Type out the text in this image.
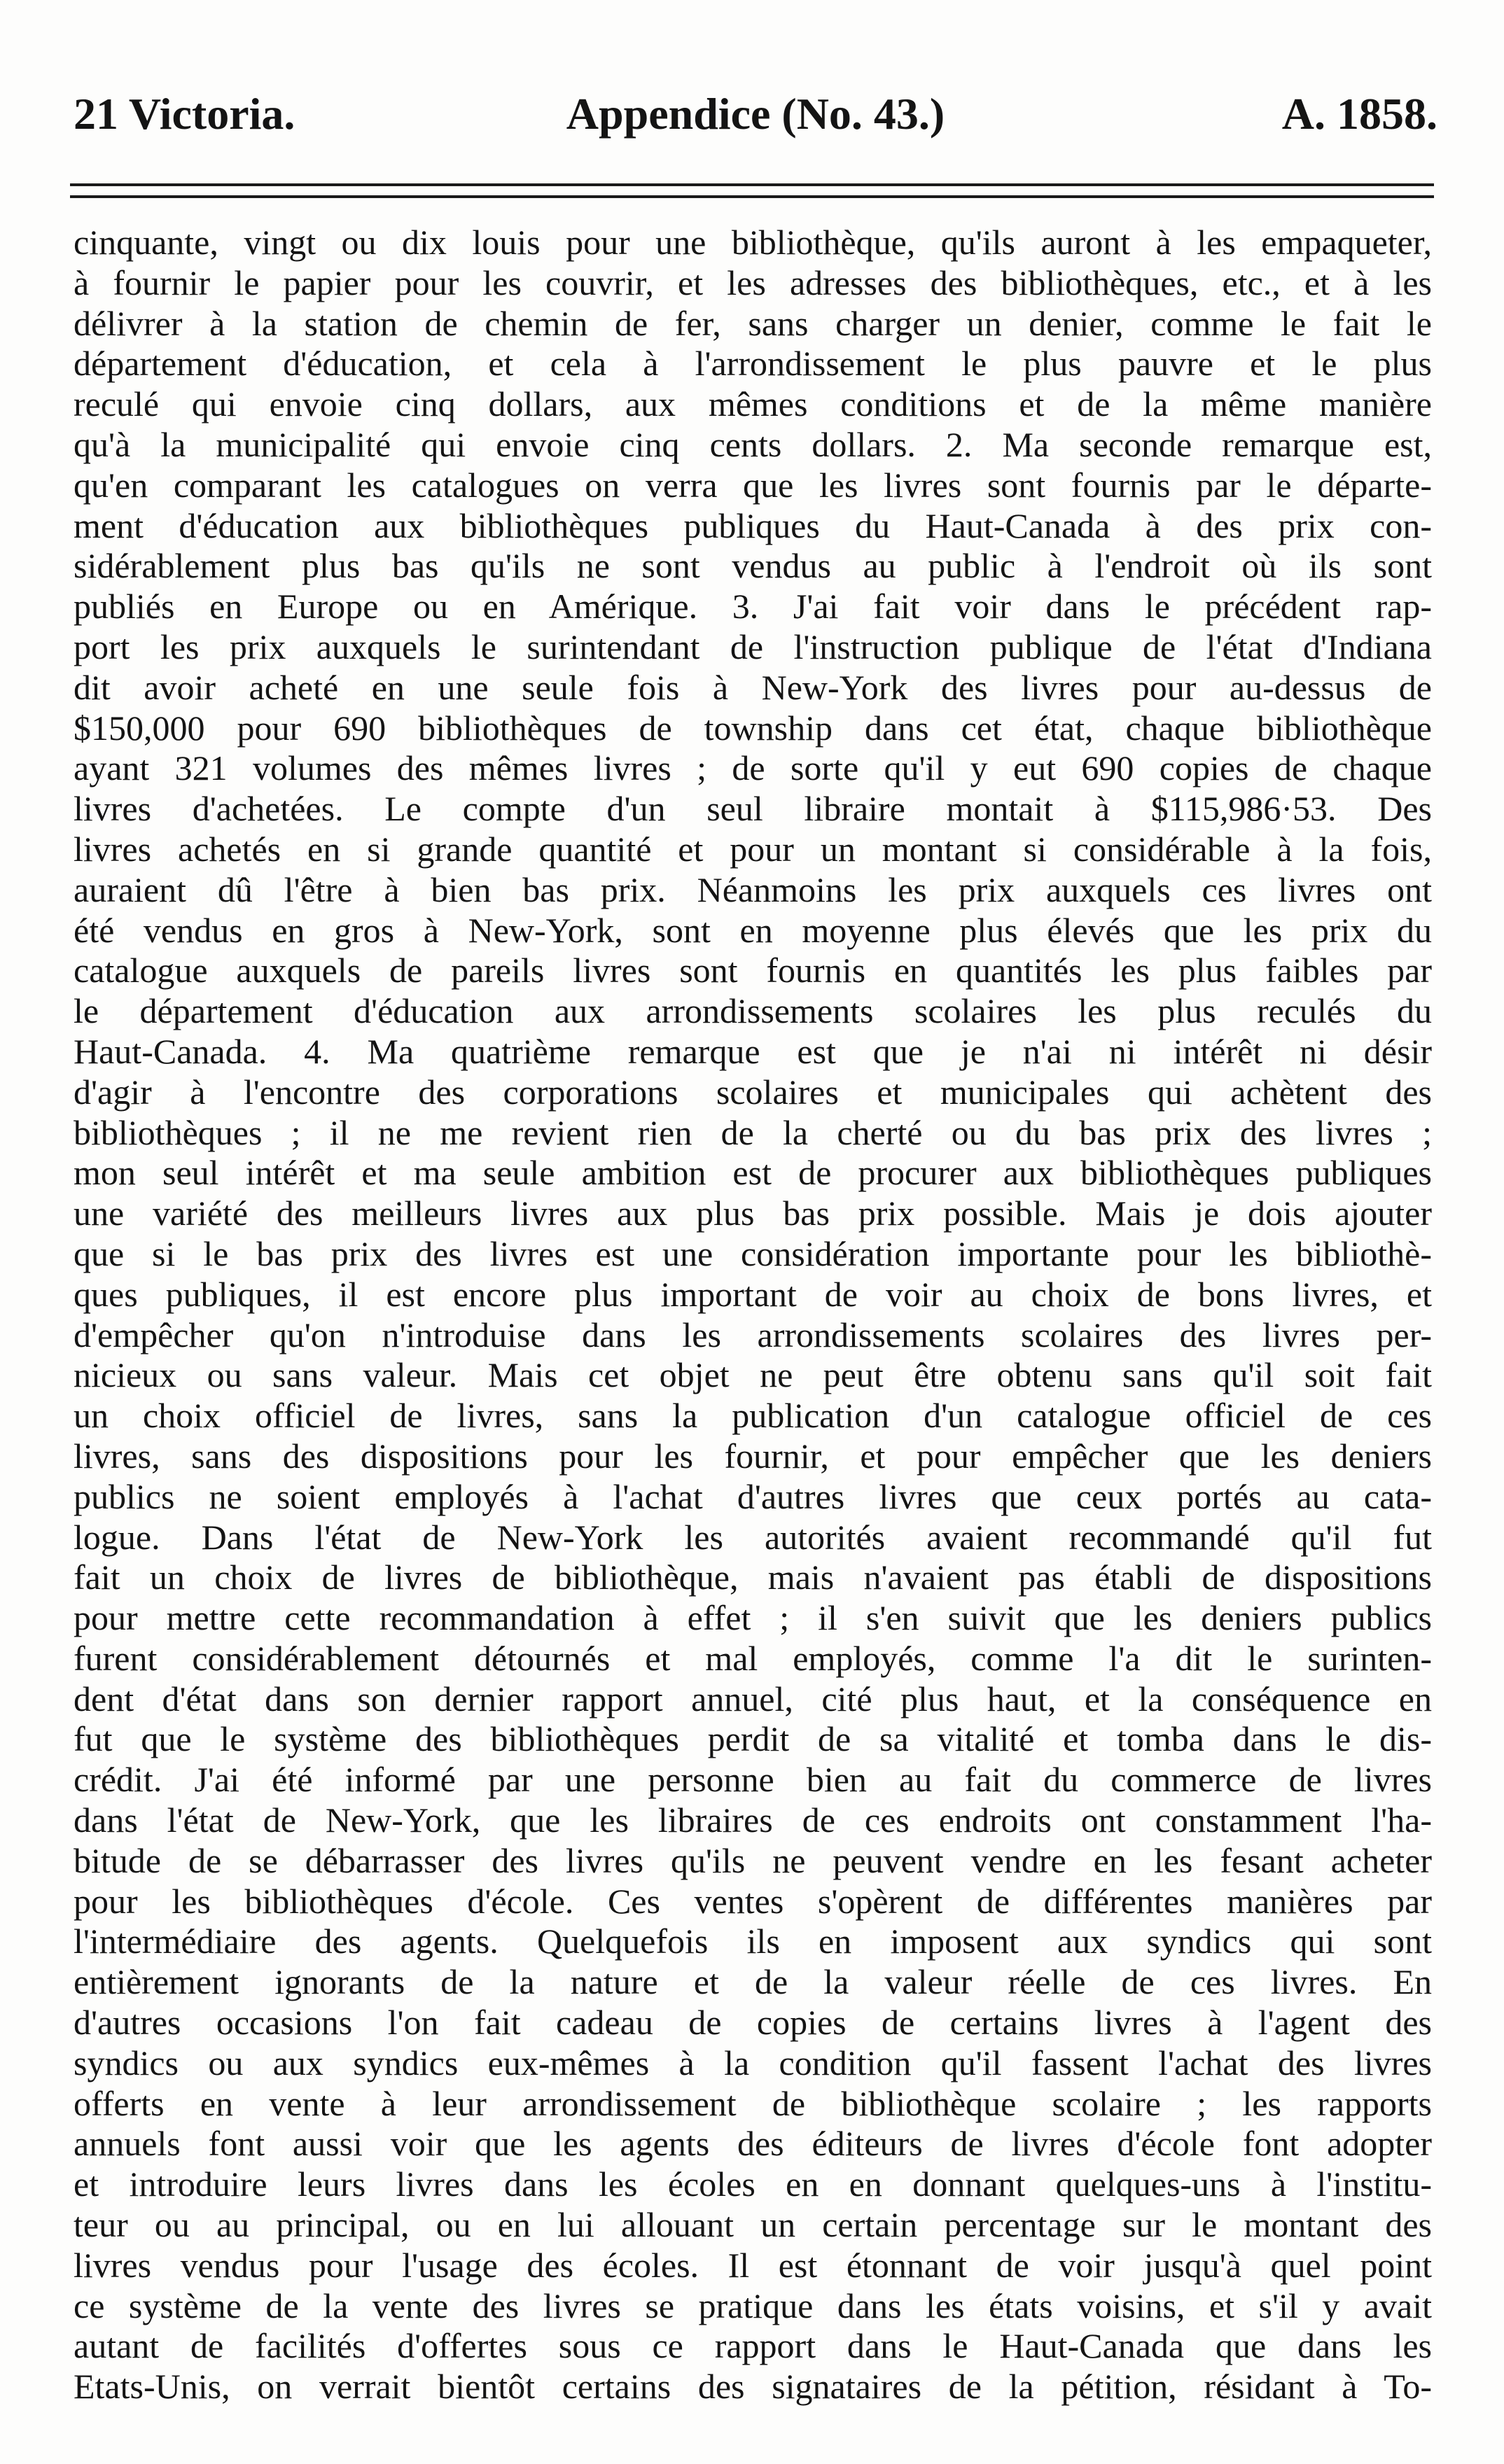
21 Victoria.	Appendice (No. 43.)	A. 1858.
cinquante, vingt ou dix louis pour une bibliothèque, qu'ils auront à les empaqueter,
à fournir le papier pour les couvrir, et les adresses des bibliothèques, etc., et à les
délivrer à la station de chemin de fer, sans charger un denier, comme le fait le
département d'éducation, et cela à l'arrondissement le plus pauvre et le plus
reculé qui envoie cinq dollars, aux mêmes conditions et de la même manière
qu'à la municipalité qui envoie cinq cents dollars. 2. Ma seconde remarque est,
qu'en comparant les catalogues on verra que les livres sont fournis par le départe-
ment d'éducation aux bibliothèques publiques du Haut-Canada à des prix con-
sidérablement plus bas qu'ils ne sont vendus au public à l'endroit où ils sont
publiés en Europe ou en Amérique. 3. J'ai fait voir dans le précédent rap-
port les prix auxquels le surintendant de l'instruction publique de l'état d'Indiana
dit avoir acheté en une seule fois à New-York des livres pour au-dessus de
$150,000 pour 690 bibliothèques de township dans cet état, chaque bibliothèque
ayant 321 volumes des mêmes livres ; de sorte qu'il y eut 690 copies de chaque
livres d'achetées. Le compte d'un seul libraire montait à $115,986·53. Des
livres achetés en si grande quantité et pour un montant si considérable à la fois,
auraient dû l'être à bien bas prix. Néanmoins les prix auxquels ces livres ont
été vendus en gros à New-York, sont en moyenne plus élevés que les prix du
catalogue auxquels de pareils livres sont fournis en quantités les plus faibles par
le département d'éducation aux arrondissements scolaires les plus reculés du
Haut-Canada. 4. Ma quatrième remarque est que je n'ai ni intérêt ni désir
d'agir à l'encontre des corporations scolaires et municipales qui achètent des
bibliothèques ; il ne me revient rien de la cherté ou du bas prix des livres ;
mon seul intérêt et ma seule ambition est de procurer aux bibliothèques publiques
une variété des meilleurs livres aux plus bas prix possible. Mais je dois ajouter
que si le bas prix des livres est une considération importante pour les bibliothè-
ques publiques, il est encore plus important de voir au choix de bons livres, et
d'empêcher qu'on n'introduise dans les arrondissements scolaires des livres per-
nicieux ou sans valeur. Mais cet objet ne peut être obtenu sans qu'il soit fait
un choix officiel de livres, sans la publication d'un catalogue officiel de ces
livres, sans des dispositions pour les fournir, et pour empêcher que les deniers
publics ne soient employés à l'achat d'autres livres que ceux portés au cata-
logue. Dans l'état de New-York les autorités avaient recommandé qu'il fut
fait un choix de livres de bibliothèque, mais n'avaient pas établi de dispositions
pour mettre cette recommandation à effet ; il s'en suivit que les deniers publics
furent considérablement détournés et mal employés, comme l'a dit le surinten-
dent d'état dans son dernier rapport annuel, cité plus haut, et la conséquence en
fut que le système des bibliothèques perdit de sa vitalité et tomba dans le dis-
crédit. J'ai été informé par une personne bien au fait du commerce de livres
dans l'état de New-York, que les libraires de ces endroits ont constamment l'ha-
bitude de se débarrasser des livres qu'ils ne peuvent vendre en les fesant acheter
pour les bibliothèques d'école. Ces ventes s'opèrent de différentes manières par
l'intermédiaire des agents. Quelquefois ils en imposent aux syndics qui sont
entièrement ignorants de la nature et de la valeur réelle de ces livres. En
d'autres occasions l'on fait cadeau de copies de certains livres à l'agent des
syndics ou aux syndics eux-mêmes à la condition qu'il fassent l'achat des livres
offerts en vente à leur arrondissement de bibliothèque scolaire ; les rapports
annuels font aussi voir que les agents des éditeurs de livres d'école font adopter
et introduire leurs livres dans les écoles en en donnant quelques-uns à l'institu-
teur ou au principal, ou en lui allouant un certain percentage sur le montant des
livres vendus pour l'usage des écoles. Il est étonnant de voir jusqu'à quel point
ce système de la vente des livres se pratique dans les états voisins, et s'il y avait
autant de facilités d'offertes sous ce rapport dans le Haut-Canada que dans les
Etats-Unis, on verrait bientôt certains des signataires de la pétition, résidant à To-
